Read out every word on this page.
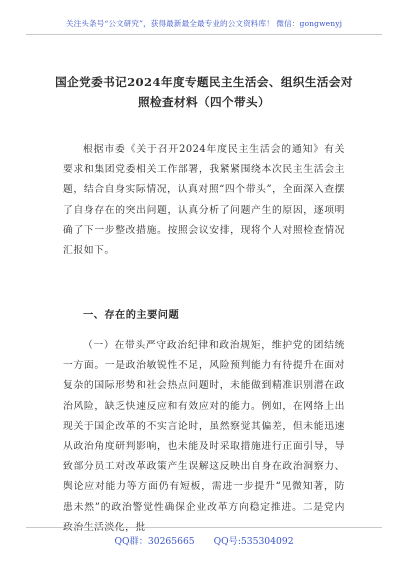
关注头条号“公文研究”，获得最新最全最专业的公文资料库！ 微信：gongwenyj
国企党委书记2024年度专题民主生活会、组织生活会对照检查材料（四个带头）

根据市委《关于召开2024年度民主生活会的通知》有关要求和集团党委相关工作部署，我紧紧围绕本次民主生活会主题，结合自身实际情况，认真对照“四个带头”，全面深入查摆了自身存在的突出问题，认真分析了问题产生的原因，逐项明确了下一步整改措施。按照会议安排，现将个人对照检查情况汇报如下。

一、存在的主要问题

（一）在带头严守政治纪律和政治规矩，维护党的团结统一方面。一是政治敏锐性不足，风险预判能力有待提升在面对复杂的国际形势和社会热点问题时，未能做到精准识别潜在政治风险，缺乏快速反应和有效应对的能力。例如，在网络上出现关于国企改革的不实言论时，虽然察觉其偏差，但未能迅速从政治角度研判影响，也未能及时采取措施进行正面引导，导致部分员工对改革政策产生误解这反映出自身在政治洞察力、舆论应对能力等方面仍有短板，需进一步提升“见微知著，防患未然”的政治警觉性确保企业改革方向稳定推进。二是党内政治生活淡化，批

QQ群：30265665 QQ号:535304092
